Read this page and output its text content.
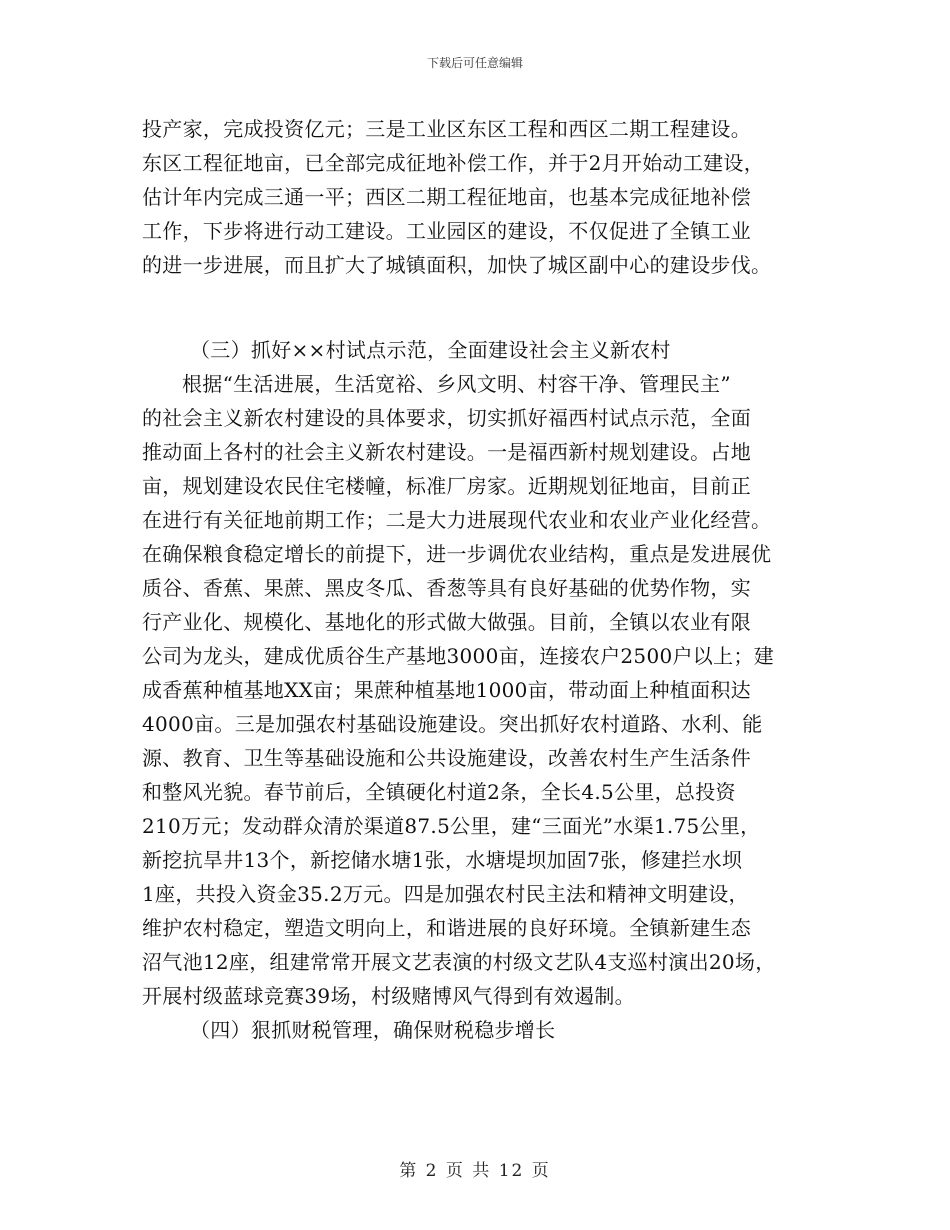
下载后可任意编辑
投产家，完成投资亿元；三是工业区东区工程和西区二期工程建设。
东区工程征地亩，已全部完成征地补偿工作，并于2月开始动工建设，
估计年内完成三通一平；西区二期工程征地亩，也基本完成征地补偿
工作，下步将进行动工建设。工业园区的建设，不仅促进了全镇工业
的进一步进展，而且扩大了城镇面积，加快了城区副中心的建设步伐。
（三）抓好××村试点示范，全面建设社会主义新农村
根据“生活进展，生活宽裕、乡风文明、村容干净、管理民主”
的社会主义新农村建设的具体要求，切实抓好福西村试点示范，全面
推动面上各村的社会主义新农村建设。一是福西新村规划建设。占地
亩，规划建设农民住宅楼幢，标准厂房家。近期规划征地亩，目前正
在进行有关征地前期工作；二是大力进展现代农业和农业产业化经营。
在确保粮食稳定增长的前提下，进一步调优农业结构，重点是发进展优
质谷、香蕉、果蔗、黑皮冬瓜、香葱等具有良好基础的优势作物，实
行产业化、规模化、基地化的形式做大做强。目前，全镇以农业有限
公司为龙头，建成优质谷生产基地3000亩，连接农户2500户以上；建
成香蕉种植基地XX亩；果蔗种植基地1000亩，带动面上种植面积达
4000亩。三是加强农村基础设施建设。突出抓好农村道路、水利、能
源、教育、卫生等基础设施和公共设施建设，改善农村生产生活条件
和整风光貌。春节前后，全镇硬化村道2条，全长4.5公里，总投资
210万元；发动群众清於渠道87.5公里，建“三面光”水渠1.75公里，
新挖抗旱井13个，新挖储水塘1张，水塘堤坝加固7张，修建拦水坝
1座，共投入资金35.2万元。四是加强农村民主法和精神文明建设，
维护农村稳定，塑造文明向上，和谐进展的良好环境。全镇新建生态
沼气池12座，组建常常开展文艺表演的村级文艺队4支巡村演出20场，
开展村级蓝球竞赛39场，村级赌博风气得到有效遏制。
（四）狠抓财税管理，确保财税稳步增长
第 2 页 共 12 页
